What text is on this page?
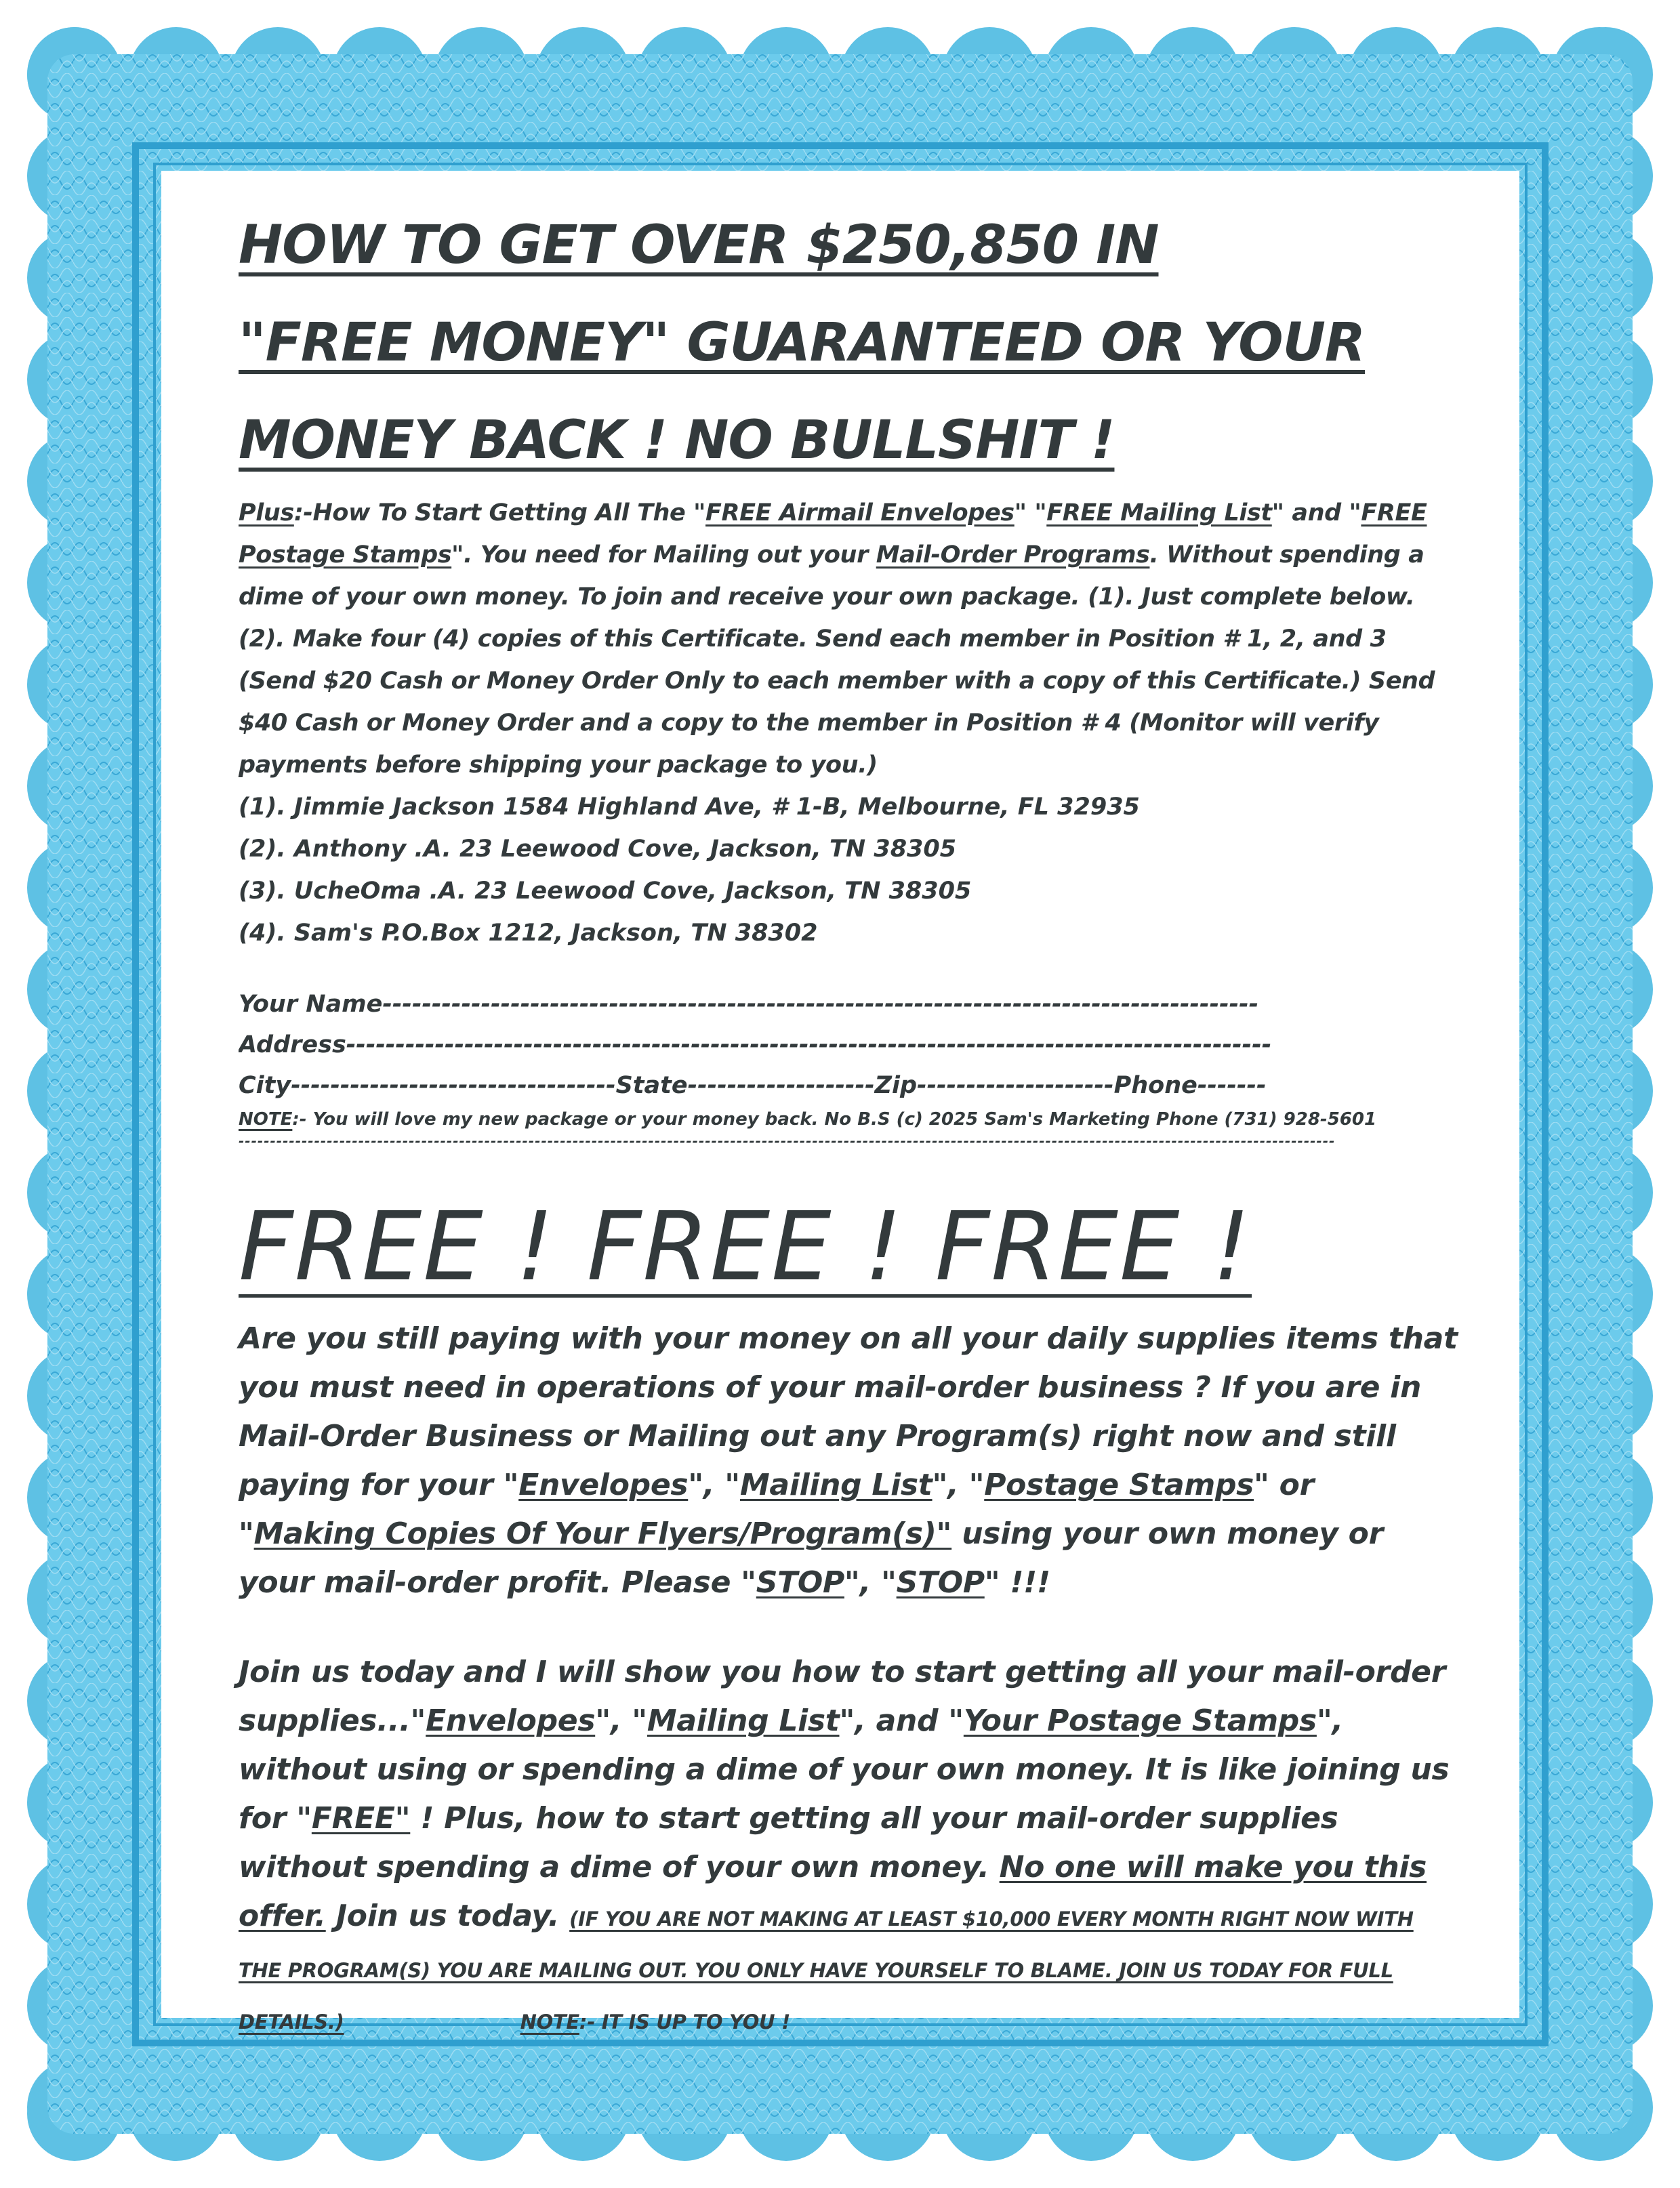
HOW TO GET OVER $250,850 IN
"FREE MONEY" GUARANTEED OR YOUR
MONEY BACK ! NO BULLSHIT !

Plus:-How To Start Getting All The "FREE Airmail Envelopes" "FREE Mailing List" and "FREE Postage Stamps". You need for Mailing out your Mail-Order Programs. Without spending a dime of your own money. To join and receive your own package. (1). Just complete below. (2). Make four (4) copies of this Certificate. Send each member in Position # 1, 2, and 3 (Send $20 Cash or Money Order Only to each member with a copy of this Certificate.) Send $40 Cash or Money Order and a copy to the member in Position # 4 (Monitor will verify payments before shipping your package to you.)

(1). Jimmie Jackson 1584 Highland Ave, # 1-B, Melbourne, FL 32935

(2). Anthony .A. 23 Leewood Cove, Jackson, TN 38305

(3). UcheOma .A. 23 Leewood Cove, Jackson, TN 38305

(4). Sam's P.O.Box 1212, Jackson, TN 38302

Your Name-----------------------------------------------------------------------------------------
Address----------------------------------------------------------------------------------------------
City---------------------------------State-------------------Zip--------------------Phone-------
NOTE:- You will love my new package or your money back. No B.S (c) 2025 Sam's Marketing Phone (731) 928-5601
------------------------------------------------------------------------------------------------------------------------------------------------------------------------------
FREE ! FREE ! FREE !

Are you still paying with your money on all your daily supplies items that you must need in operations of your mail-order business ? If you are in Mail-Order Business or Mailing out any Program(s) right now and still paying for your "Envelopes", "Mailing List", "Postage Stamps" or "Making Copies Of Your Flyers/Program(s)" using your own money or your mail-order profit. Please "STOP", "STOP" !!!

Join us today and I will show you how to start getting all your mail-order supplies..."Envelopes", "Mailing List", and "Your Postage Stamps", without using or spending a dime of your own money. It is like joining us for "FREE" ! Plus, how to start getting all your mail-order supplies without spending a dime of your own money. No one will make you this offer. Join us today. (IF YOU ARE NOT MAKING AT LEAST $10,000 EVERY MONTH RIGHT NOW WITH THE PROGRAM(S) YOU ARE MAILING OUT. YOU ONLY HAVE YOURSELF TO BLAME. JOIN US TODAY FOR FULL DETAILS.)	NOTE:- IT IS UP TO YOU !
